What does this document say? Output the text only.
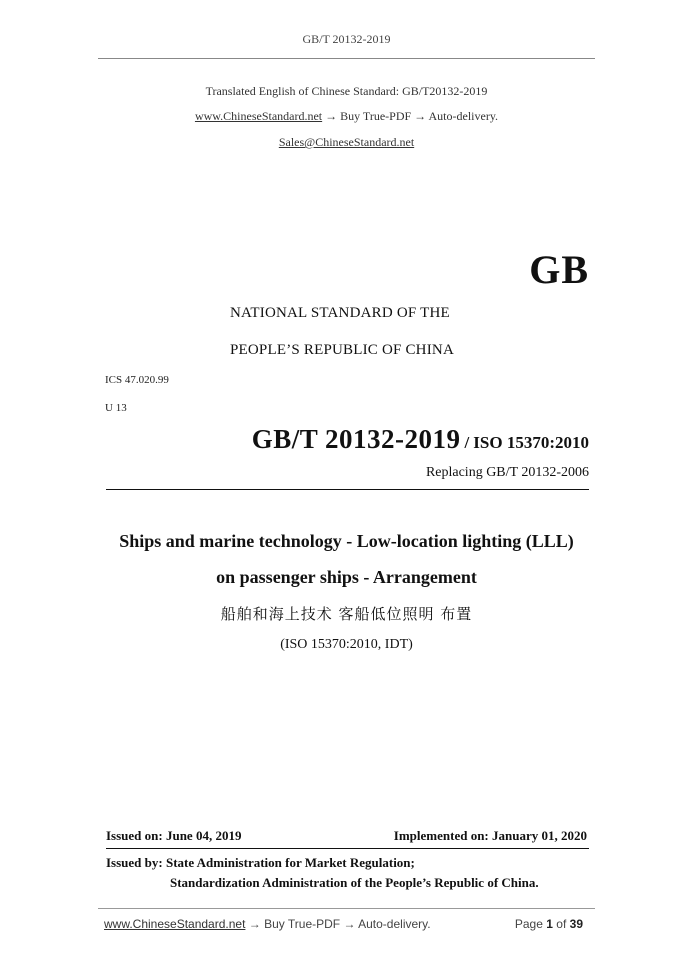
GB/T 20132-2019
Translated English of Chinese Standard: GB/T20132-2019
www.ChineseStandard.net → Buy True-PDF → Auto-delivery.
Sales@ChineseStandard.net
GB
NATIONAL STANDARD OF THE
PEOPLE’S REPUBLIC OF CHINA
ICS 47.020.99
U 13
GB/T 20132-2019 / ISO 15370:2010
Replacing GB/T 20132-2006
Ships and marine technology - Low-location lighting (LLL)
on passenger ships - Arrangement
船舶和海上技术 客船低位照明 布置
(ISO 15370:2010, IDT)
Issued on: June 04, 2019	Implemented on: January 01, 2020
Issued by: State Administration for Market Regulation;
Standardization Administration of the People’s Republic of China.
www.ChineseStandard.net → Buy True-PDF → Auto-delivery.	Page 1 of 39
